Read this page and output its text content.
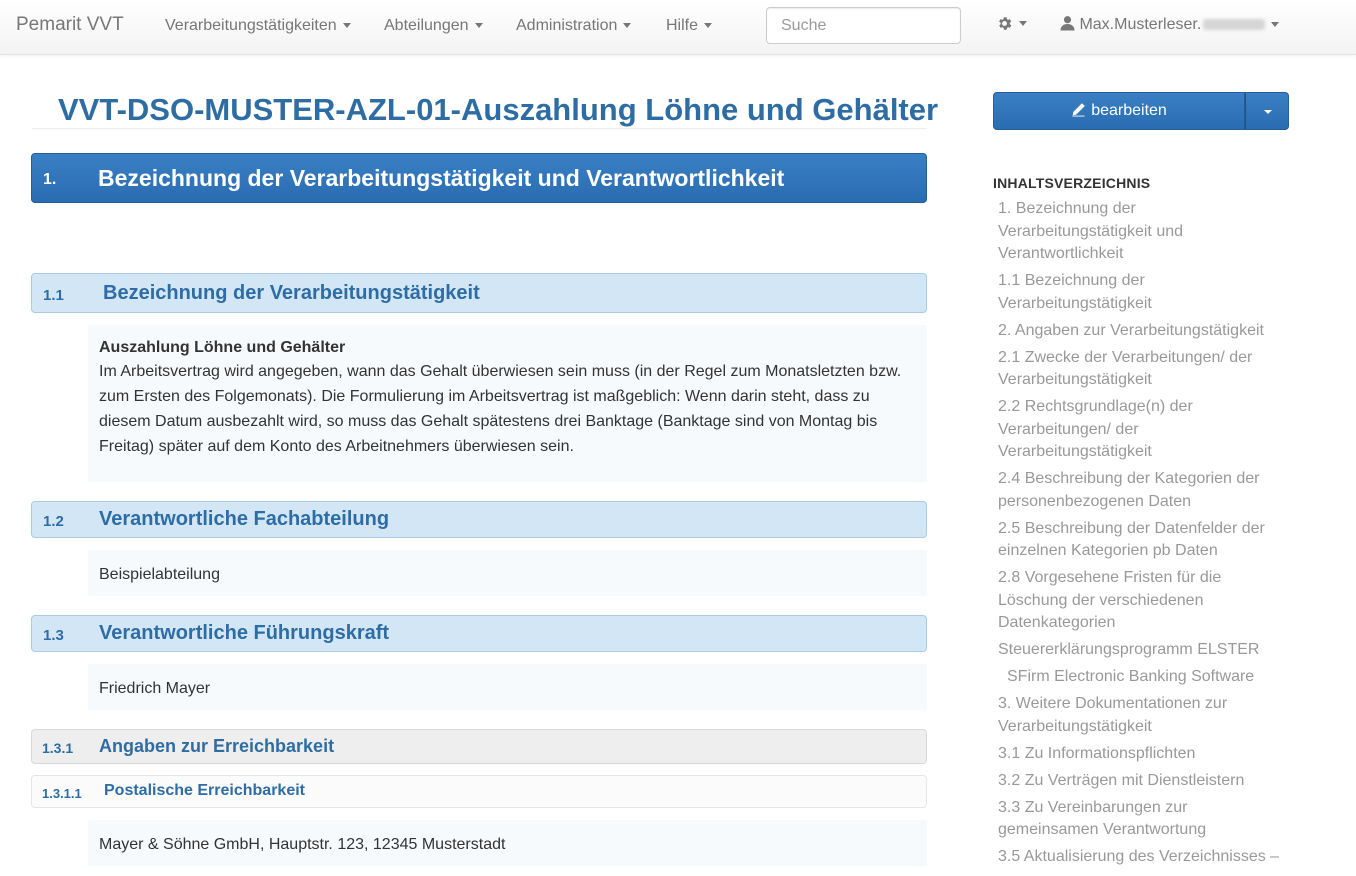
Pemarit VVT	Verarbeitungstätigkeiten	Abteilungen	Administration	Hilfe
Suche	Max.Musterleser.
VVT-DSO-MUSTER-AZL-01-Auszahlung Löhne und Gehälter
1. Bezeichnung der Verarbeitungstätigkeit und Verantwortlichkeit
1.1 Bezeichnung der Verarbeitungstätigkeit
Auszahlung Löhne und Gehälter

Im Arbeitsvertrag wird angegeben, wann das Gehalt überwiesen sein muss (in der Regel zum Monatsletzten bzw. zum Ersten des Folgemonats). Die Formulierung im Arbeitsvertrag ist maßgeblich: Wenn darin steht, dass zu diesem Datum ausbezahlt wird, so muss das Gehalt spätestens drei Banktage (Banktage sind von Montag bis Freitag) später auf dem Konto des Arbeitnehmers überwiesen sein.

1.2 Verantwortliche Fachabteilung

Beispielabteilung

1.3 Verantwortliche Führungskraft

Friedrich Mayer

1.3.1 Angaben zur Erreichbarkeit
1.3.1.1 Postalische Erreichbarkeit

Mayer & Söhne GmbH, Hauptstr. 123, 12345 Musterstadt

bearbeiten
INHALTSVERZEICHNIS
1. Bezeichnung der Verarbeitungstätigkeit und Verantwortlichkeit
1.1 Bezeichnung der Verarbeitungstätigkeit
2. Angaben zur Verarbeitungstätigkeit
2.1 Zwecke der Verarbeitungen/ der Verarbeitungstätigkeit
2.2 Rechtsgrundlage(n) der Verarbeitungen/ der Verarbeitungstätigkeit
2.4 Beschreibung der Kategorien der personenbezogenen Daten
2.5 Beschreibung der Datenfelder der einzelnen Kategorien pb Daten
2.8 Vorgesehene Fristen für die Löschung der verschiedenen Datenkategorien
Steuererklärungsprogramm ELSTER
SFirm Electronic Banking Software
3. Weitere Dokumentationen zur Verarbeitungstätigkeit
3.1 Zu Informationspflichten
3.2 Zu Verträgen mit Dienstleistern
3.3 Zu Vereinbarungen zur gemeinsamen Verantwortung
3.5 Aktualisierung des Verzeichnisses –
